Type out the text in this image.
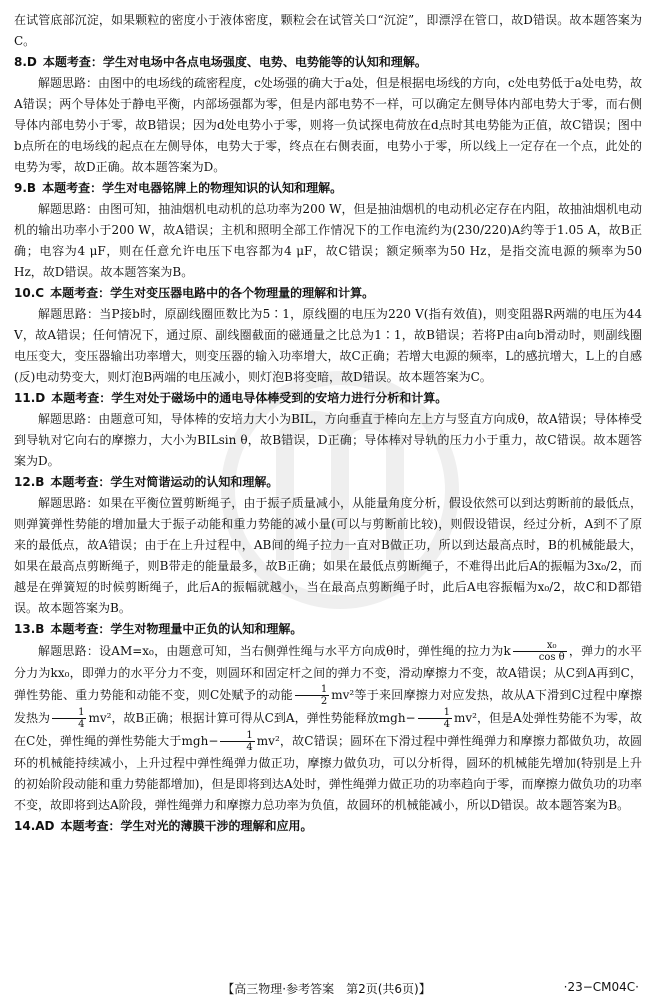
在试管底部沉淀，如果颗粒的密度小于液体密度，颗粒会在试管关口“沉淀”，即漂浮在管口，故D错误。故本题答案为C。

8.D 本题考查：学生对电场中各点电场强度、电势、电势能等的认知和理解。

解题思路：由图中的电场线的疏密程度，c处场强的确大于a处，但是根据电场线的方向，c处电势低于a处电势，故A错误；两个导体处于静电平衡，内部场强都为零，但是内部电势不一样，可以确定左侧导体内部电势大于零，而右侧导体内部电势小于零，故B错误；因为d处电势小于零，则将一负试探电荷放在d点时其电势能为正值，故C错误；图中b点所在的电场线的起点在左侧导体，电势大于零，终点在右侧表面，电势小于零，所以线上一定存在一个点，此处的电势为零，故D正确。故本题答案为D。

9.B 本题考查：学生对电器铭牌上的物理知识的认知和理解。

解题思路：由图可知，抽油烟机电动机的总功率为200 W，但是抽油烟机的电动机必定存在内阻，故抽油烟机电动机的输出功率小于200 W，故A错误；主机和照明全部工作情况下的工作电流约为(230/220)A约等于1.05 A，故B正确；电容为4 μF，则在任意允许电压下电容都为4 μF，故C错误；额定频率为50 Hz，是指交流电源的频率为50 Hz，故D错误。故本题答案为B。

10.C 本题考查：学生对变压器电路中的各个物理量的理解和计算。

解题思路：当P接b时，原副线圈匝数比为5∶1，原线圈的电压为220 V(指有效值)，则变阻器R两端的电压为44 V，故A错误；任何情况下，通过原、副线圈截面的磁通量之比总为1∶1，故B错误；若将P由a向b滑动时，则副线圈电压变大，变压器输出功率增大，则变压器的输入功率增大，故C正确；若增大电源的频率，L的感抗增大，L上的自感(反)电动势变大，则灯泡B两端的电压减小，则灯泡B将变暗，故D错误。故本题答案为C。

11.D 本题考查：学生对处于磁场中的通电导体棒受到的安培力进行分析和计算。

解题思路：由题意可知，导体棒的安培力大小为BIL，方向垂直于棒向左上方与竖直方向成θ，故A错误；导体棒受到导轨对它向右的摩擦力，大小为BILsin θ，故B错误，D正确；导体棒对导轨的压力小于重力，故C错误。故本题答案为D。

12.B 本题考查：学生对简谐运动的认知和理解。

解题思路：如果在平衡位置剪断绳子，由于振子质量减小，从能量角度分析，假设依然可以到达剪断前的最低点，则弹簧弹性势能的增加量大于振子动能和重力势能的减小量(可以与剪断前比较)，则假设错误，经过分析，A到不了原来的最低点，故A错误；由于在上升过程中，AB间的绳子拉力一直对B做正功，所以到达最高点时，B的机械能最大，如果在最高点剪断绳子，则B带走的能量最多，故B正确；如果在最低点剪断绳子，不难得出此后A的振幅为3x₀/2，而越是在弹簧短的时候剪断绳子，此后A的振幅就越小，当在最高点剪断绳子时，此后A电容振幅为x₀/2，故C和D都错误。故本题答案为B。

13.B 本题考查：学生对物理量中正负的认知和理解。

解题思路：设AM=x₀，由题意可知，当右侧弹性绳与水平方向成θ时，弹性绳的拉力为k $\frac{\text{x₀}}{\text{cos θ}}$ ，弹力的水平分力为kx₀，即弹力的水平分力不变，则圆环和固定杆之间的弹力不变，滑动摩擦力不变，故A错误；从C到A再到C，弹性势能、重力势能和动能不变，则C处赋予的动能 $\frac{1}{2} mv^2$等于来回摩擦力对应发热，故从A下滑到C过程中摩擦发热为 $\frac{1}{4} mv^2$，故B正确；根据计算可得从C到A，弹性势能释放$mgh- \frac{1}{4} mv^2$，但是A处弹性势能不为零，故在C处，弹性绳的弹性势能大于$mgh- \frac{1}{4} mv^2$，故C错误；圆环在下滑过程中弹性绳弹力和摩擦力都做负功，故圆环的机械能持续减小，上升过程中弹性绳弹力做正功，摩擦力做负功，可以分析得，圆环的机械能先增加(特别是上升的初始阶段动能和重力势能都增加)，但是即将到达A处时，弹性绳弹力做正功的功率趋向于零，而摩擦力做负功的功率不变，故即将到达A阶段，弹性绳弹力和摩擦力总功率为负值，故圆环的机械能减小，所以D错误。故本题答案为B。

14.AD 本题考查：学生对光的薄膜干涉的理解和应用。

【高三物理·参考答案　第2页(共6页)】	·23−CM04C·
